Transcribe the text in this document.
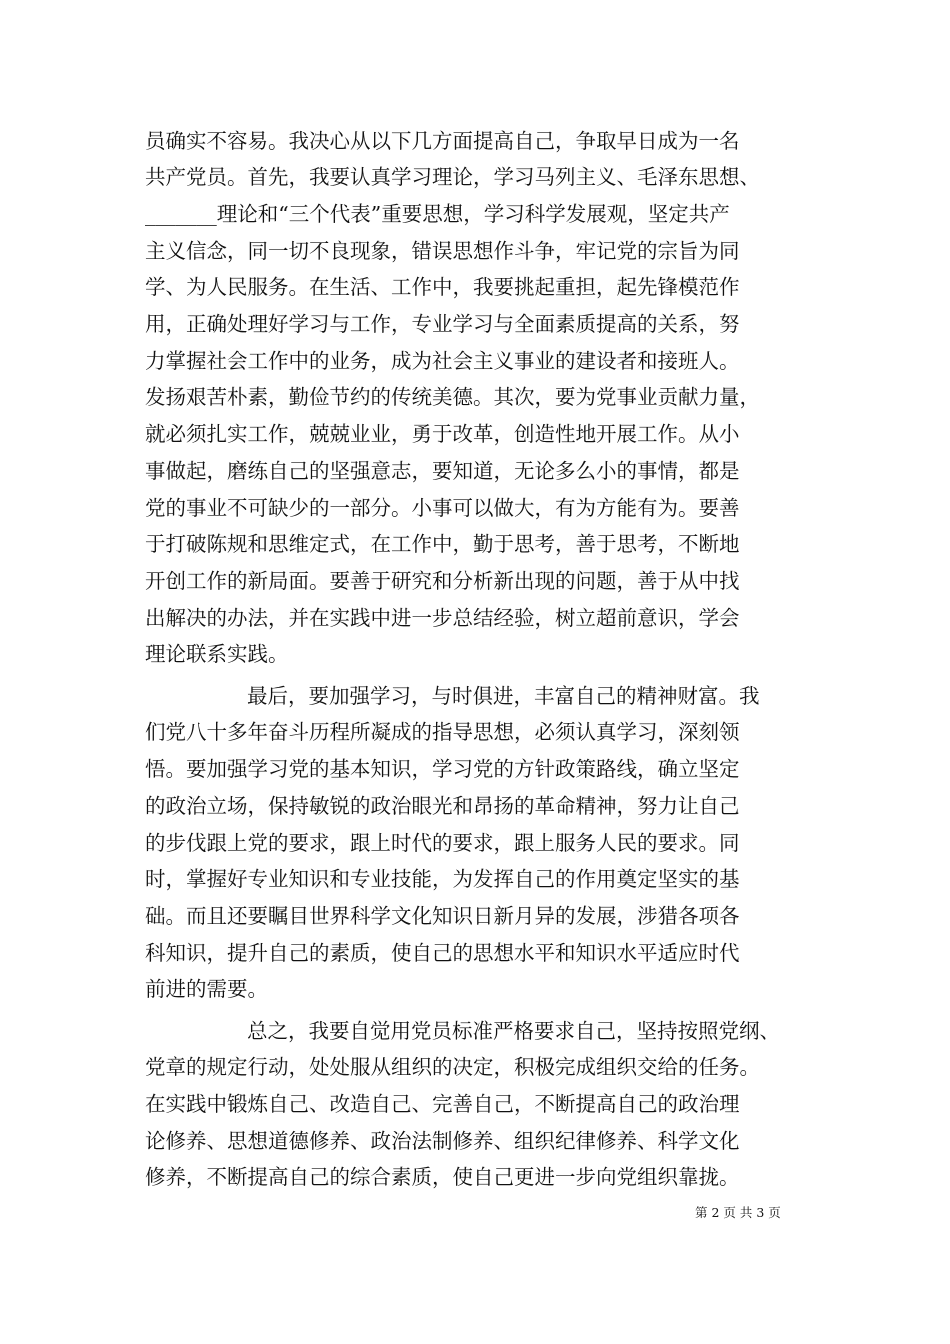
员确实不容易。我决心从以下几方面提高自己，争取早日成为一名
共产党员。首先，我要认真学习理论，学习马列主义、毛泽东思想、
_______理论和“三个代表”重要思想，学习科学发展观，坚定共产
主义信念，同一切不良现象，错误思想作斗争，牢记党的宗旨为同
学、为人民服务。在生活、工作中，我要挑起重担，起先锋模范作
用，正确处理好学习与工作，专业学习与全面素质提高的关系，努
力掌握社会工作中的业务，成为社会主义事业的建设者和接班人。
发扬艰苦朴素，勤俭节约的传统美德。其次，要为党事业贡献力量，
就必须扎实工作，兢兢业业，勇于改革，创造性地开展工作。从小
事做起，磨练自己的坚强意志，要知道，无论多么小的事情，都是
党的事业不可缺少的一部分。小事可以做大，有为方能有为。要善
于打破陈规和思维定式，在工作中，勤于思考，善于思考，不断地
开创工作的新局面。要善于研究和分析新出现的问题，善于从中找
出解决的办法，并在实践中进一步总结经验，树立超前意识，学会
理论联系实践。
最后，要加强学习，与时俱进，丰富自己的精神财富。我
们党八十多年奋斗历程所凝成的指导思想，必须认真学习，深刻领
悟。要加强学习党的基本知识，学习党的方针政策路线，确立坚定
的政治立场，保持敏锐的政治眼光和昂扬的革命精神，努力让自己
的步伐跟上党的要求，跟上时代的要求，跟上服务人民的要求。同
时，掌握好专业知识和专业技能，为发挥自己的作用奠定坚实的基
础。而且还要瞩目世界科学文化知识日新月异的发展，涉猎各项各
科知识，提升自己的素质，使自己的思想水平和知识水平适应时代
前进的需要。
总之，我要自觉用党员标准严格要求自己，坚持按照党纲、
党章的规定行动，处处服从组织的决定，积极完成组织交给的任务。
在实践中锻炼自己、改造自己、完善自己，不断提高自己的政治理
论修养、思想道德修养、政治法制修养、组织纪律修养、科学文化
修养，不断提高自己的综合素质，使自己更进一步向党组织靠拢。
第 2 页 共 3 页
